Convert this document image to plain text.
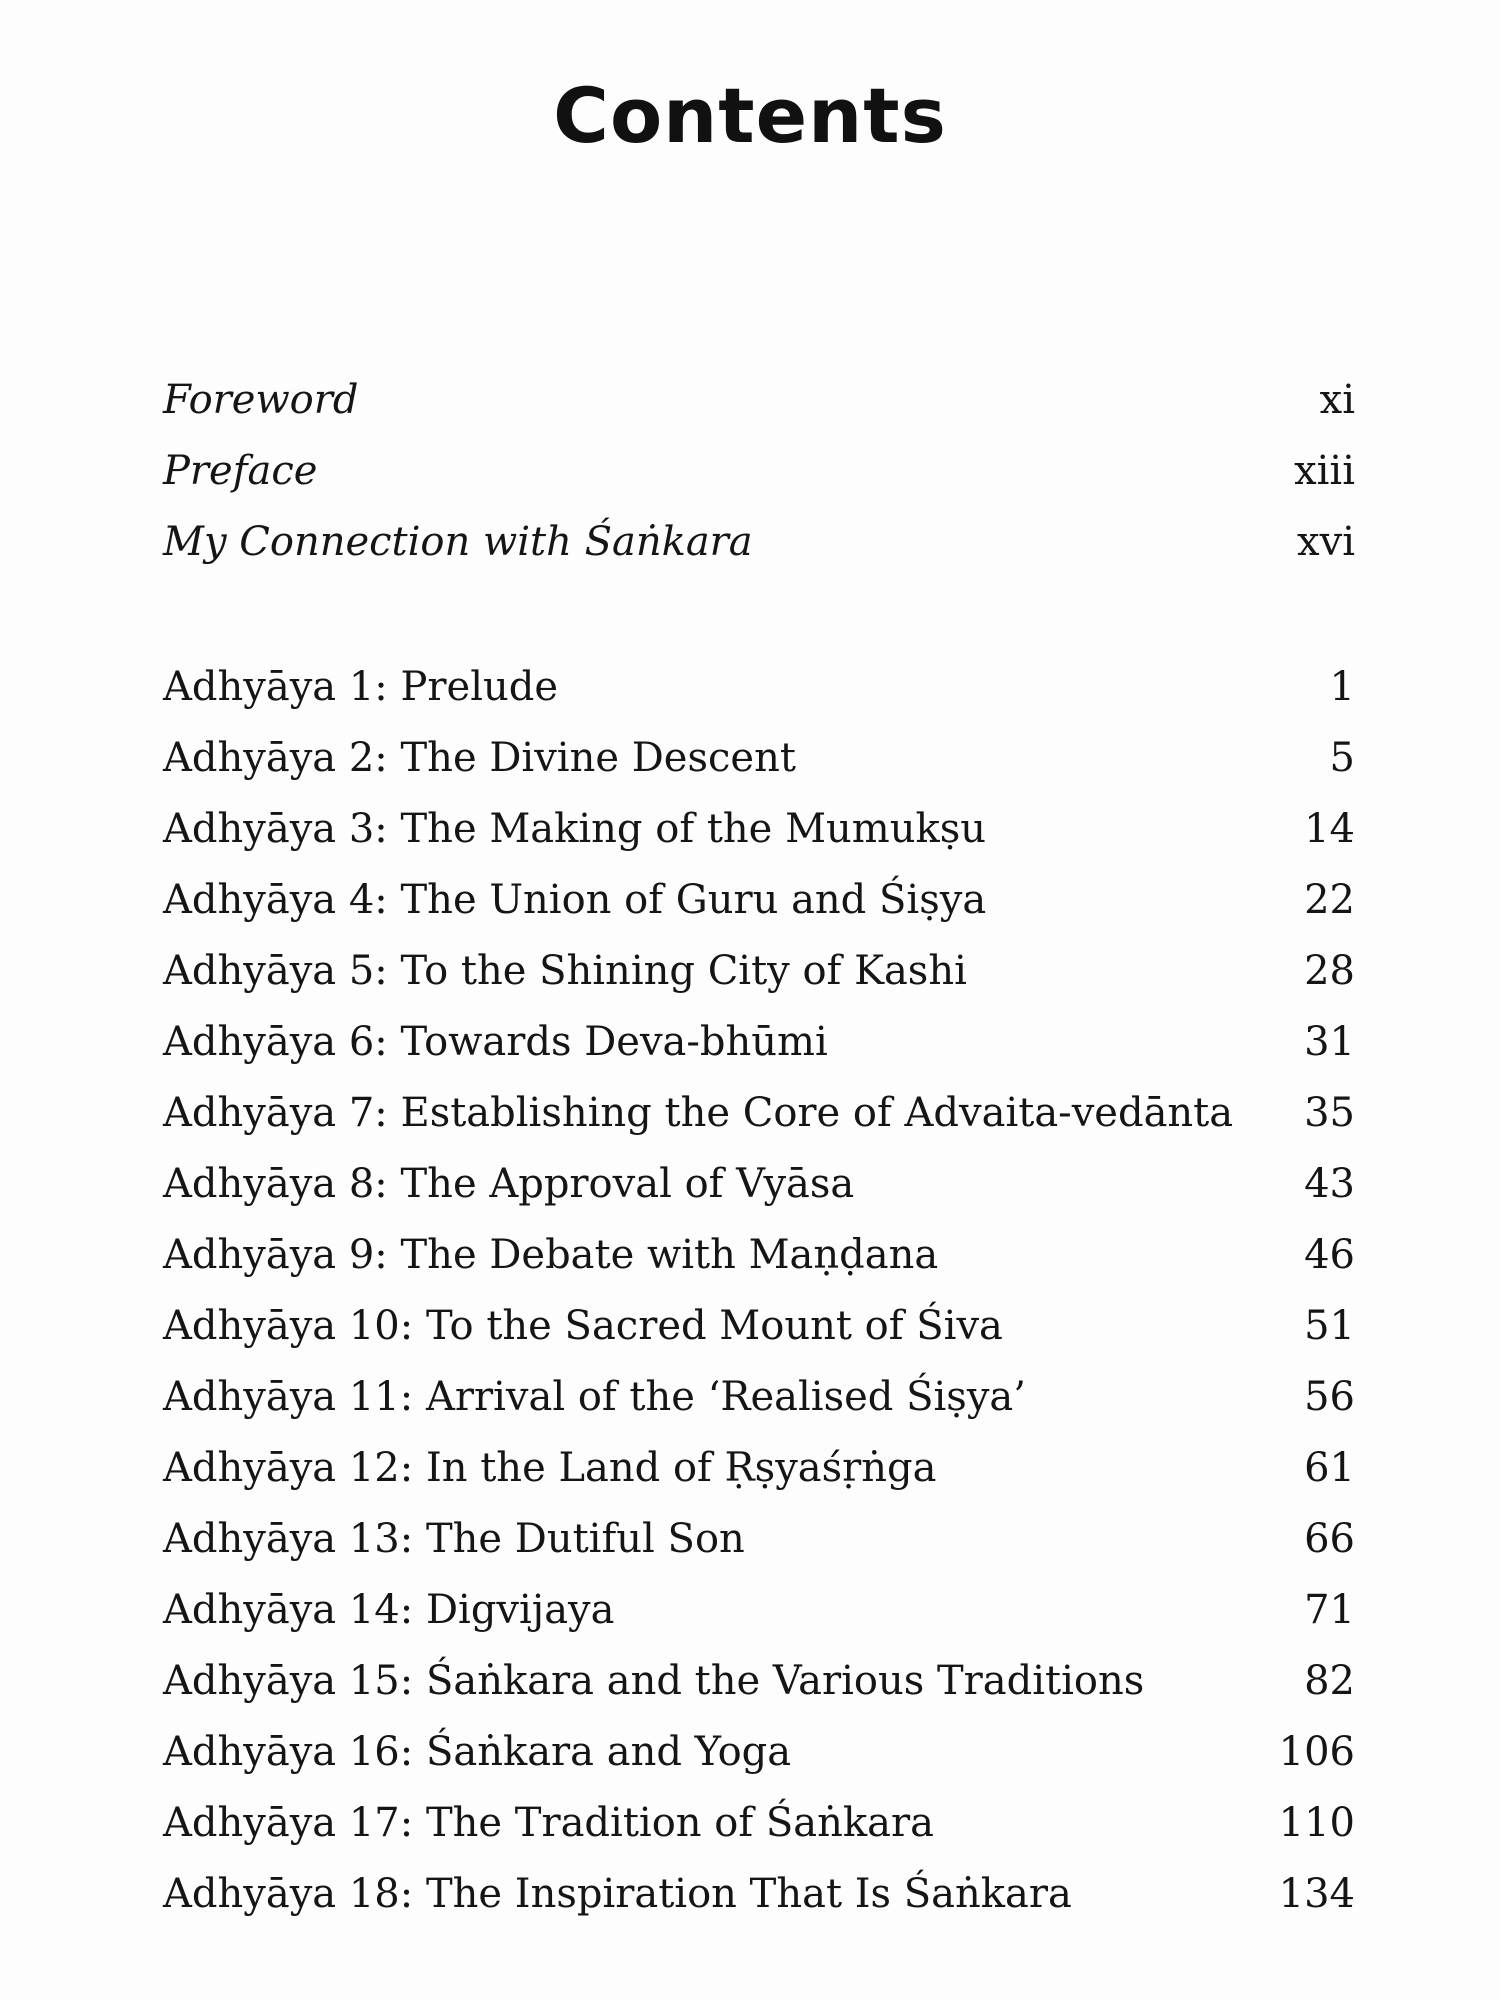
Contents
Foreword	xi
Preface	xiii
My Connection with Śaṅkara	xvi
Adhyāya 1: Prelude	1
Adhyāya 2: The Divine Descent	5
Adhyāya 3: The Making of the Mumukṣu	14
Adhyāya 4: The Union of Guru and Śiṣya	22
Adhyāya 5: To the Shining City of Kashi	28
Adhyāya 6: Towards Deva-bhūmi	31
Adhyāya 7: Establishing the Core of Advaita-vedānta	35
Adhyāya 8: The Approval of Vyāsa	43
Adhyāya 9: The Debate with Maṇḍana	46
Adhyāya 10: To the Sacred Mount of Śiva	51
Adhyāya 11: Arrival of the ‘Realised Śiṣya’	56
Adhyāya 12: In the Land of Ṛṣyaśṛṅga	61
Adhyāya 13: The Dutiful Son	66
Adhyāya 14: Digvijaya	71
Adhyāya 15: Śaṅkara and the Various Traditions	82
Adhyāya 16: Śaṅkara and Yoga	106
Adhyāya 17: The Tradition of Śaṅkara	110
Adhyāya 18: The Inspiration That Is Śaṅkara	134
